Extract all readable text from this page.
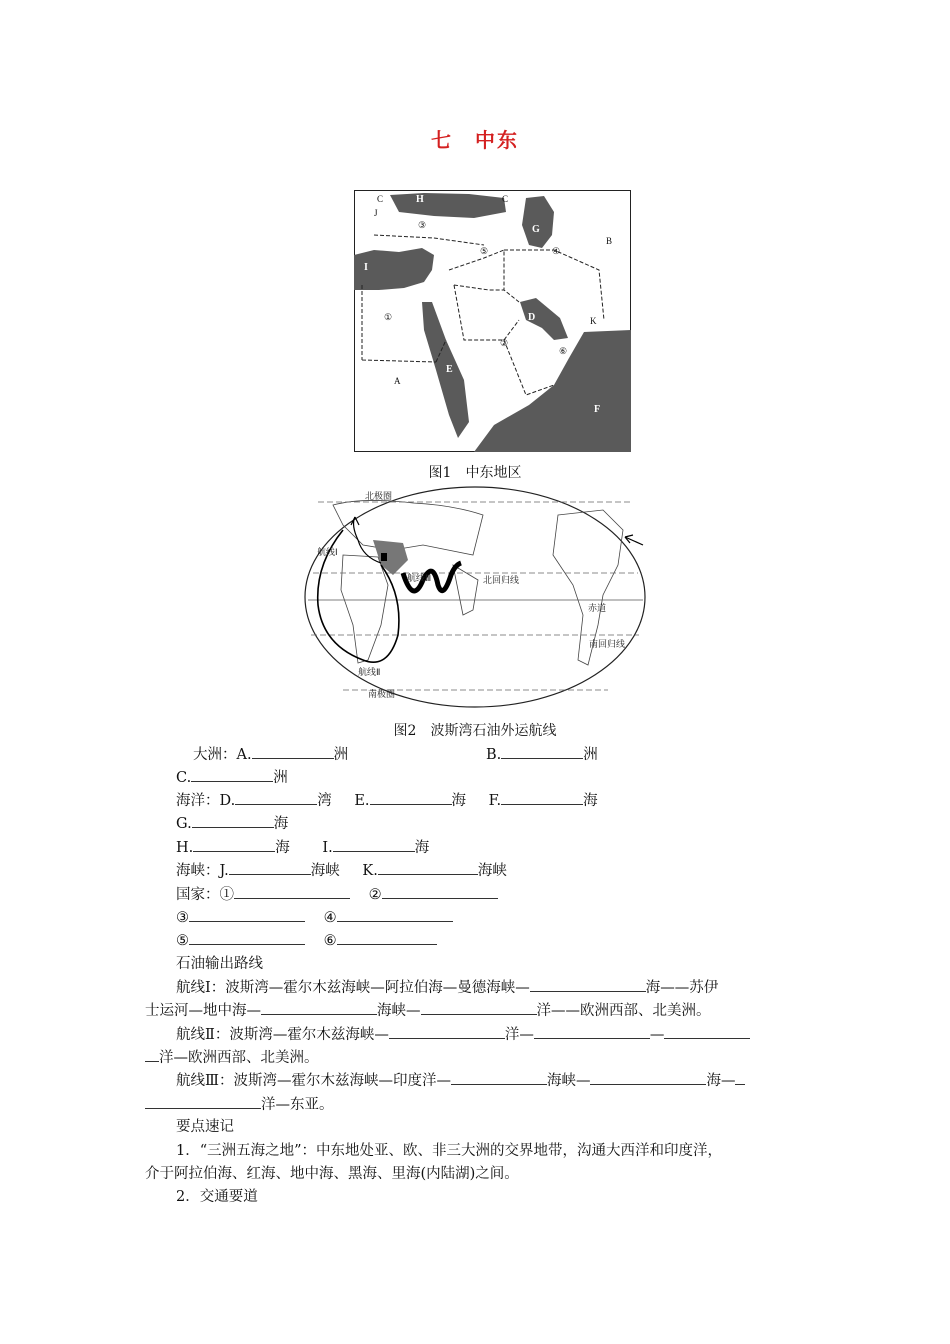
七 中东
C	H	C
J
G
B
I
③
⑤	④
①	D	K
②
⑥
A
E
F
图1 中东地区
北极圈
航线Ⅰ
航线Ⅲ	北回归线
赤道
南回归线
航线Ⅱ
南极圈
图2 波斯湾石油外运航线
大洲：A.	洲	B.	洲
C.	洲
海洋：D.	湾 E.	海 F.	海
G.	海
H.	海 I.	海
海峡：J.	海峡 K.	海峡
国家：①	②
③	④
⑤	⑥
石油输出路线
航线Ⅰ：波斯湾—霍尔木兹海峡—阿拉伯海—曼德海峡—	海——苏伊
士运河—地中海—	海峡—	洋——欧洲西部、北美洲。
航线Ⅱ：波斯湾—霍尔木兹海峡—	洋—	—
洋—欧洲西部、北美洲。
航线Ⅲ：波斯湾—霍尔木兹海峡—印度洋—	海峡—	海—
洋—东亚。
要点速记
1．“三洲五海之地”：中东地处亚、欧、非三大洲的交界地带，沟通大西洋和印度洋，
介于阿拉伯海、红海、地中海、黑海、里海(内陆湖)之间。
2．交通要道
